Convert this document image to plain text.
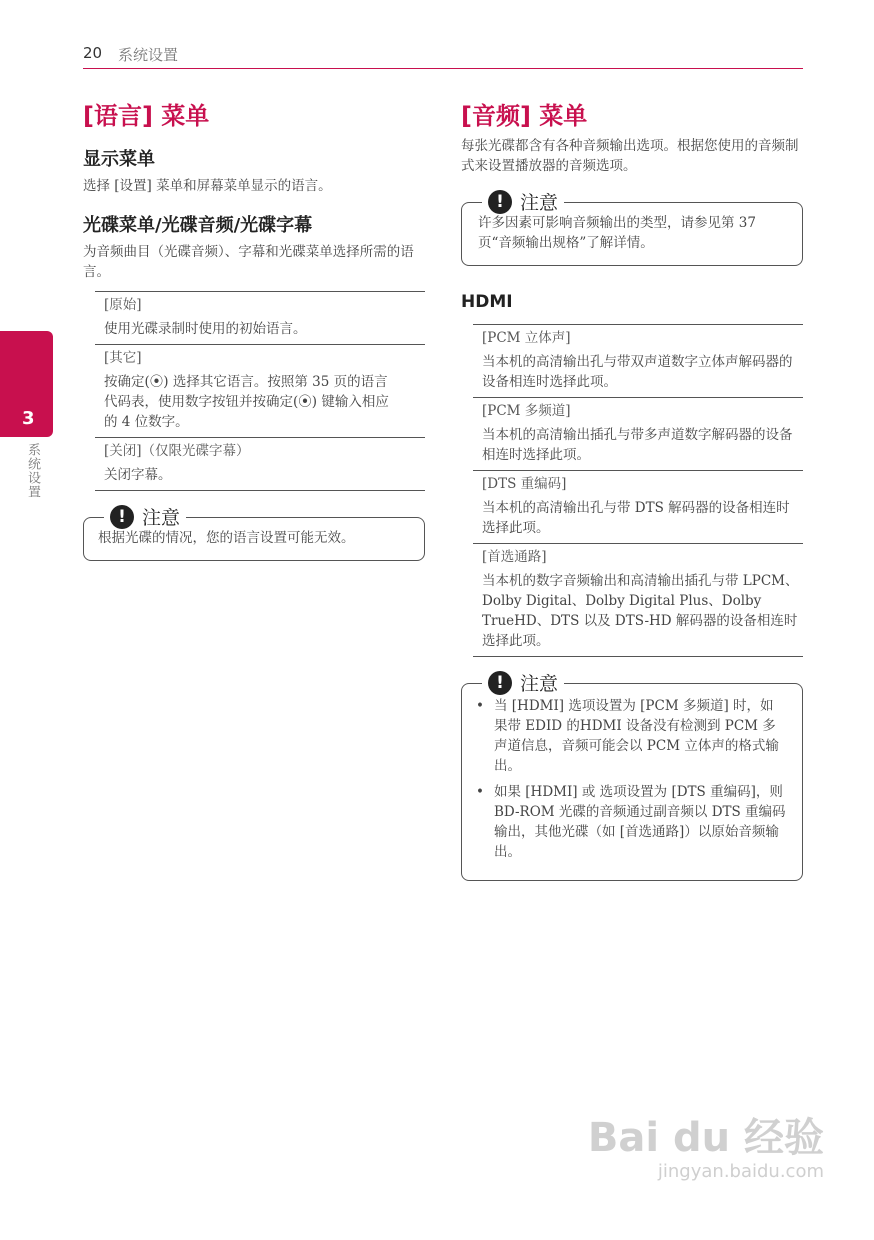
20 系统设置
3
系统设置
[语言] 菜单
显示菜单

选择 [设置] 菜单和屏幕菜单显示的语言。

光碟菜单/光碟音频/光碟字幕

为音频曲目（光碟音频）、字幕和光碟菜单选择所需的语言。

[原始]
使用光碟录制时使用的初始语言。
[其它]
按确定(⦿) 选择其它语言。按照第 35 页的语言代码表，使用数字按钮并按确定(⦿) 键输入相应的 4 位数字。
[关闭]（仅限光碟字幕）
关闭字幕。
! 注意

根据光碟的情况，您的语言设置可能无效。

[音频] 菜单

每张光碟都含有各种音频输出选项。根据您使用的音频制式来设置播放器的音频选项。

! 注意

许多因素可影响音频输出的类型，请参见第 37 页“音频输出规格”了解详情。

HDMI
[PCM 立体声]
当本机的高清输出孔与带双声道数字立体声解码器的设备相连时选择此项。
[PCM 多频道]
当本机的高清输出插孔与带多声道数字解码器的设备相连时选择此项。
[DTS 重编码]
当本机的高清输出孔与带 DTS 解码器的设备相连时选择此项。
[首选通路]
当本机的数字音频输出和高清输出插孔与带 LPCM、Dolby Digital、Dolby Digital Plus、Dolby TrueHD、DTS 以及 DTS-HD 解码器的设备相连时选择此项。
! 注意
• 当 [HDMI] 选项设置为 [PCM 多频道] 时，如果带 EDID 的HDMI 设备没有检测到 PCM 多声道信息，音频可能会以 PCM 立体声的格式输出。
• 如果 [HDMI] 或 选项设置为 [DTS 重编码]，则 BD-ROM 光碟的音频通过副音频以 DTS 重编码输出，其他光碟（如 [首选通路]）以原始音频输出。
Bai du 经验
jingyan.baidu.com
